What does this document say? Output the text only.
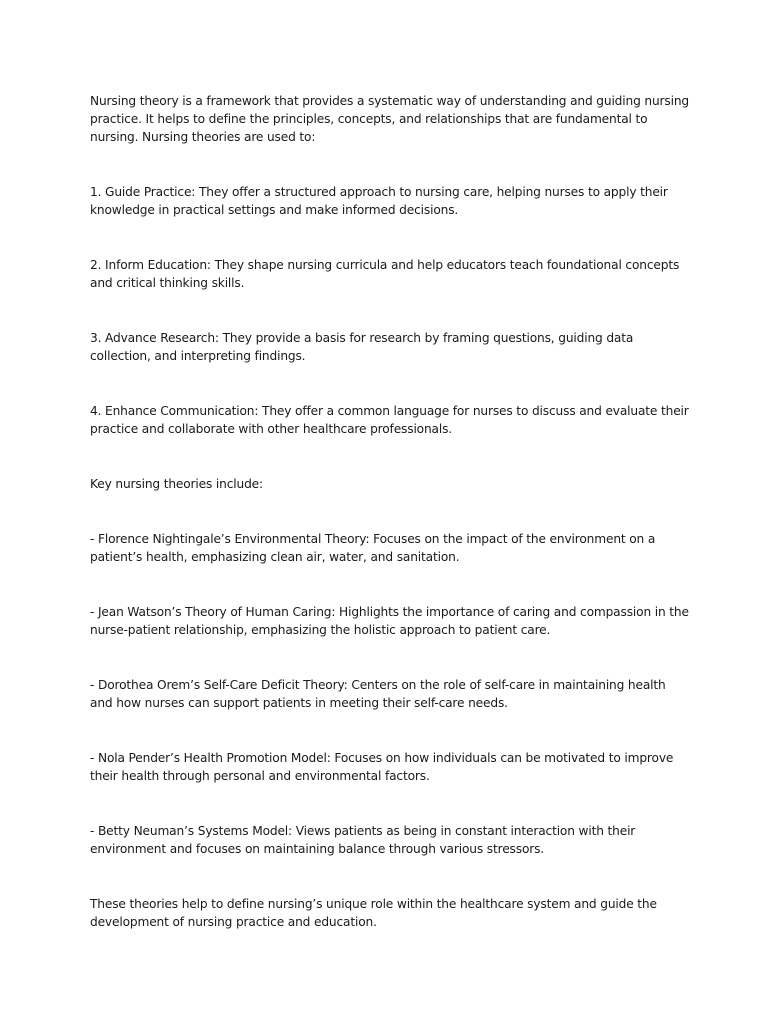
Nursing theory is a framework that provides a systematic way of understanding and guiding nursing practice. It helps to define the principles, concepts, and relationships that are fundamental to nursing. Nursing theories are used to:

1. Guide Practice: They offer a structured approach to nursing care, helping nurses to apply their knowledge in practical settings and make informed decisions.

2. Inform Education: They shape nursing curricula and help educators teach foundational concepts and critical thinking skills.

3. Advance Research: They provide a basis for research by framing questions, guiding data collection, and interpreting findings.

4. Enhance Communication: They offer a common language for nurses to discuss and evaluate their practice and collaborate with other healthcare professionals.

Key nursing theories include:

- Florence Nightingale’s Environmental Theory: Focuses on the impact of the environment on a patient’s health, emphasizing clean air, water, and sanitation.

- Jean Watson’s Theory of Human Caring: Highlights the importance of caring and compassion in the nurse-patient relationship, emphasizing the holistic approach to patient care.

- Dorothea Orem’s Self-Care Deficit Theory: Centers on the role of self-care in maintaining health and how nurses can support patients in meeting their self-care needs.

- Nola Pender’s Health Promotion Model: Focuses on how individuals can be motivated to improve their health through personal and environmental factors.

- Betty Neuman’s Systems Model: Views patients as being in constant interaction with their environment and focuses on maintaining balance through various stressors.

These theories help to define nursing’s unique role within the healthcare system and guide the development of nursing practice and education.
